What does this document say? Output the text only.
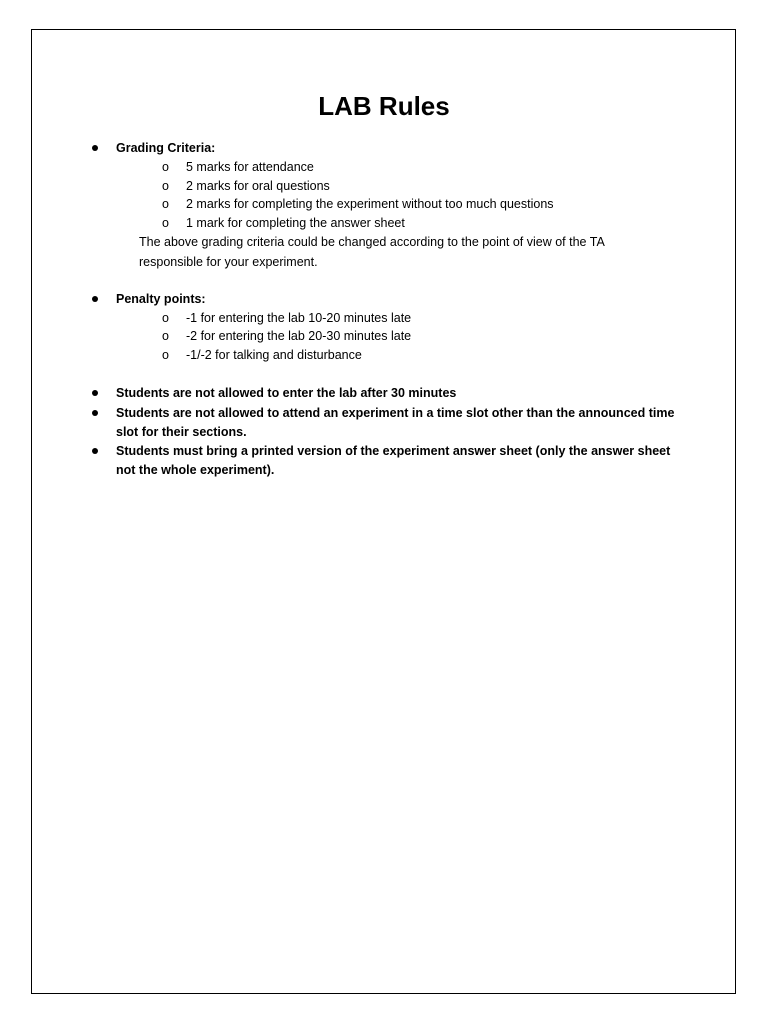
LAB Rules
Grading Criteria:
o 5 marks for attendance
o 2 marks for oral questions
o 2 marks for completing the experiment without too much questions
o 1 mark for completing the answer sheet
The above grading criteria could be changed according to the point of view of the TA
responsible for your experiment.
Penalty points:
o -1 for entering the lab 10-20 minutes late
o -2 for entering the lab 20-30 minutes late
o -1/-2 for talking and disturbance
Students are not allowed to enter the lab after 30 minutes
Students are not allowed to attend an experiment in a time slot other than the announced time
slot for their sections.
Students must bring a printed version of the experiment answer sheet (only the answer sheet
not the whole experiment).
